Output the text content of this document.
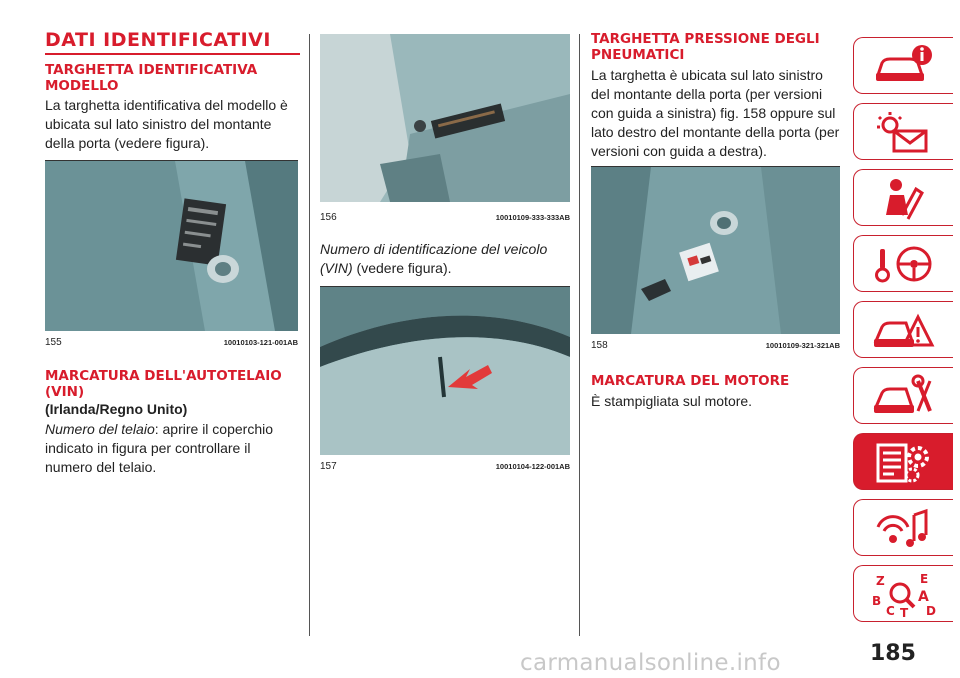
DATI IDENTIFICATIVI
TARGHETTA IDENTIFICATIVA MODELLO

La targhetta identificativa del modello è ubicata sul lato sinistro del montante della porta (vedere figura).

155	10010103-121-001AB
MARCATURA DELL'AUTOTELAIO (VIN)

(Irlanda/Regno Unito)

Numero del telaio: aprire il coperchio indicato in figura per controllare il numero del telaio.

156	10010109-333-333AB

Numero di identificazione del veicolo (VIN) (vedere figura).

157	10010104-122-001AB
TARGHETTA PRESSIONE DEGLI PNEUMATICI

La targhetta è ubicata sul lato sinistro del montante della porta (per versioni con guida a sinistra) fig. 158 oppure sul lato destro del montante della porta (per versioni con guida a destra).

158	10010109-321-321AB
MARCATURA DEL MOTORE

È stampigliata sul motore.

Z	E
B	A
C T D
185
carmanualsonline.info
